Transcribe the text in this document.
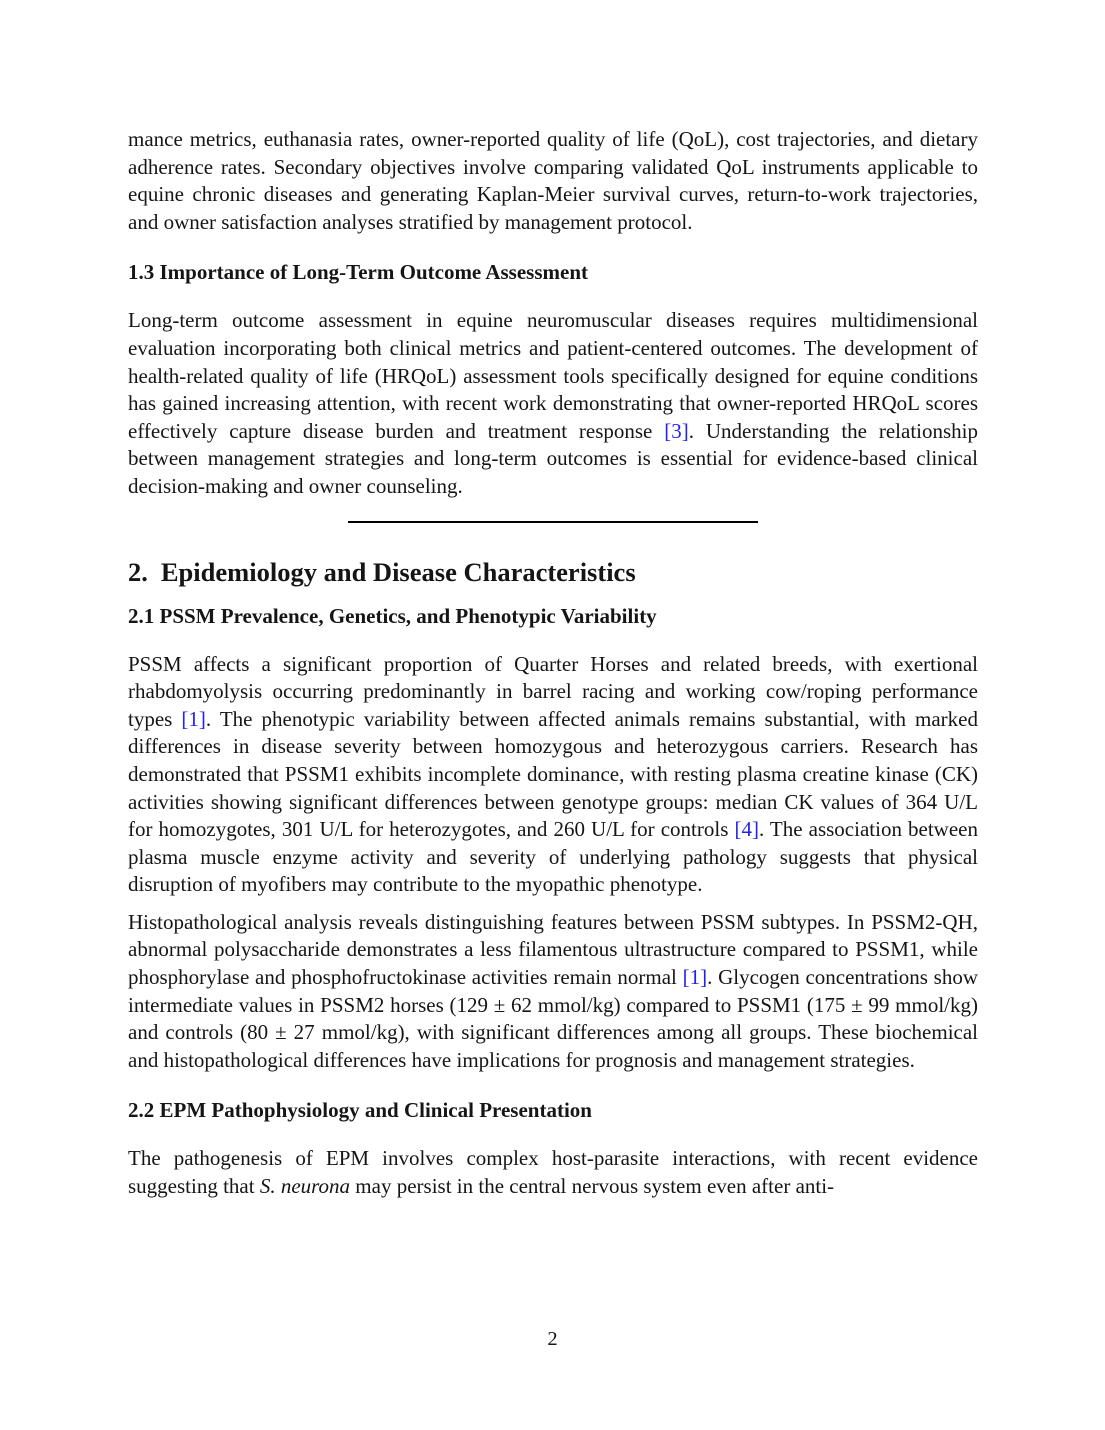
mance metrics, euthanasia rates, owner-reported quality of life (QoL), cost trajectories, and dietary adherence rates. Secondary objectives involve comparing validated QoL instruments applicable to equine chronic diseases and generating Kaplan-Meier survival curves, return-to-work trajectories, and owner satisfaction analyses stratified by management protocol.

1.3 Importance of Long-Term Outcome Assessment

Long-term outcome assessment in equine neuromuscular diseases requires multidimensional evaluation incorporating both clinical metrics and patient-centered outcomes. The development of health-related quality of life (HRQoL) assessment tools specifically designed for equine conditions has gained increasing attention, with recent work demonstrating that owner-reported HRQoL scores effectively capture disease burden and treatment response [3]. Understanding the relationship between management strategies and long-term outcomes is essential for evidence-based clinical decision-making and owner counseling.

2. Epidemiology and Disease Characteristics
2.1 PSSM Prevalence, Genetics, and Phenotypic Variability

PSSM affects a significant proportion of Quarter Horses and related breeds, with exertional rhabdomyolysis occurring predominantly in barrel racing and working cow/roping performance types [1]. The phenotypic variability between affected animals remains substantial, with marked differences in disease severity between homozygous and heterozygous carriers. Research has demonstrated that PSSM1 exhibits incomplete dominance, with resting plasma creatine kinase (CK) activities showing significant differences between genotype groups: median CK values of 364 U/L for homozygotes, 301 U/L for heterozygotes, and 260 U/L for controls [4]. The association between plasma muscle enzyme activity and severity of underlying pathology suggests that physical disruption of myofibers may contribute to the myopathic phenotype.

Histopathological analysis reveals distinguishing features between PSSM subtypes. In PSSM2-QH, abnormal polysaccharide demonstrates a less filamentous ultrastructure compared to PSSM1, while phosphorylase and phosphofructokinase activities remain normal [1]. Glycogen concentrations show intermediate values in PSSM2 horses (129 ± 62 mmol/kg) compared to PSSM1 (175 ± 99 mmol/kg) and controls (80 ± 27 mmol/kg), with significant differences among all groups. These biochemical and histopathological differences have implications for prognosis and management strategies.

2.2 EPM Pathophysiology and Clinical Presentation

The pathogenesis of EPM involves complex host-parasite interactions, with recent evidence suggesting that S. neurona may persist in the central nervous system even after anti-

2
